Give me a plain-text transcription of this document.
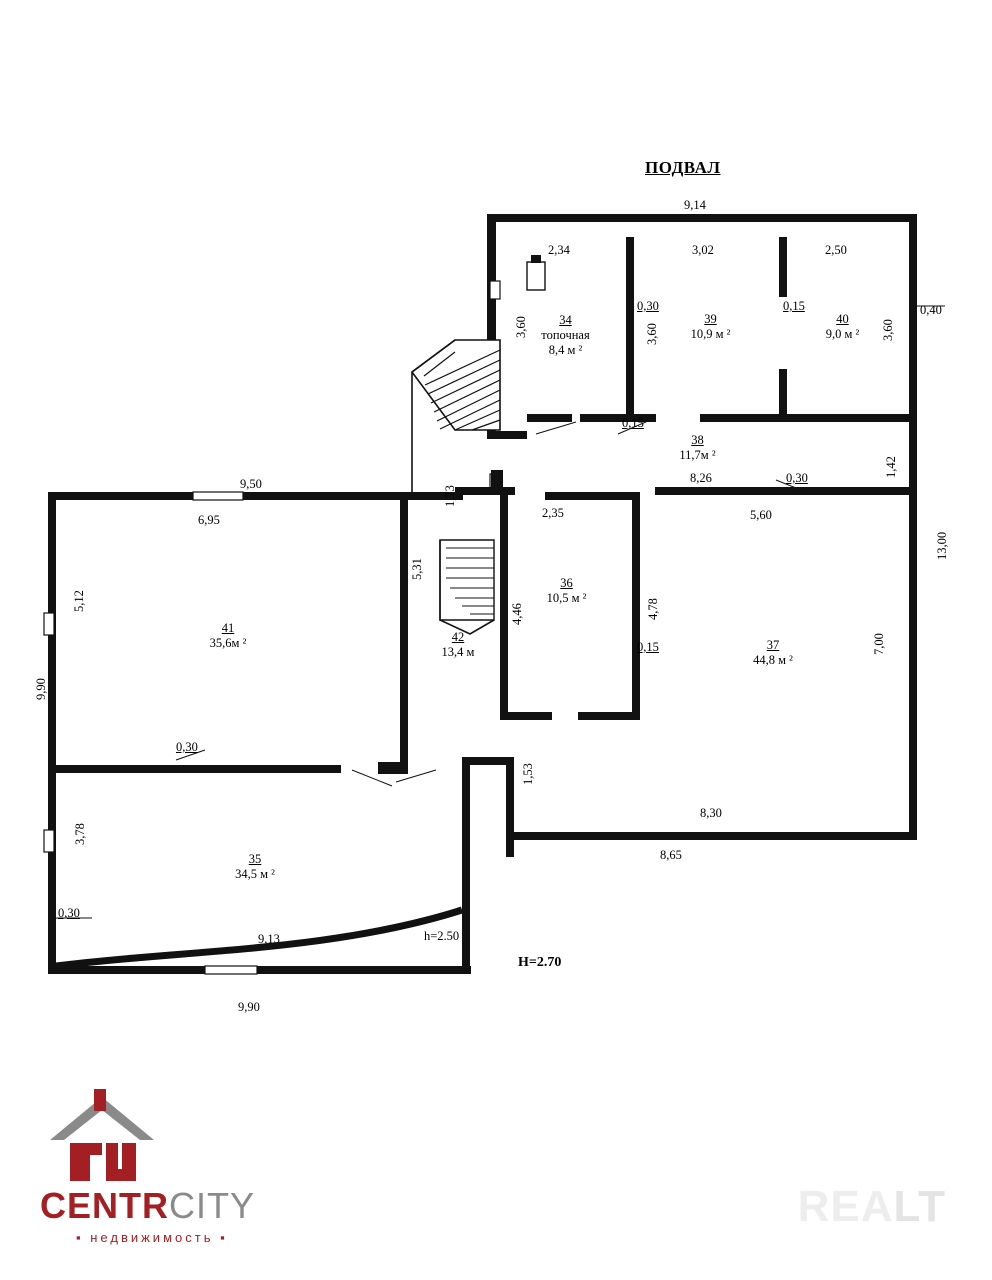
ПОДВАЛ
9,14
2,34	3,02	2,50
0,40
13,00
1,42
7,00
0,30	0,15
3,60	3,60	3,60
0,15
8,26	0,30
5,60
2,35
4,46	4,78
0,15
5,31
1,73
1,53
9,50
6,95
5,12
9,90
3,78
0,30
0,30
9,13
9,90
8,30
8,65
h=2.50
H=2.70
34
топочная
8,4 м ²
39
10,9 м ²
40
9,0 м ²
38
11,7м ²
36
10,5 м ²
37
44,8 м ²
41
35,6м ²	42
13,4 м
35
34,5 м ²
CENTRCITY
▪ недвижимость ▪
REALT
